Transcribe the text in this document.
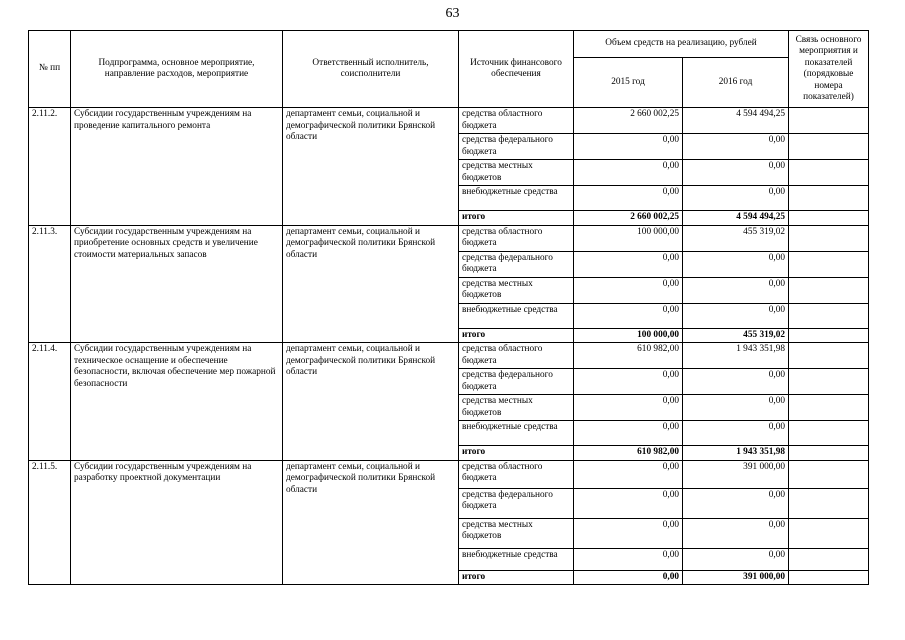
63
№ пп	Подпрограмма, основное мероприятие, направление расходов, мероприятие	Ответственный исполнитель, соисполнители	Источник финансового обеспечения	Объем средств на реализацию, рублей		Связь основного мероприятия и показателей (порядковые номера показателей)
				2015 год	2016 год	
2.11.2.	Субсидии государственным учреждениям на проведение капитального ремонта	департамент семьи, социальной и демографической политики Брянской области	средства областного бюджета	2 660 002,25	4 594 494,25	
			средства федерального бюджета	0,00	0,00	
			средства местных бюджетов	0,00	0,00	
			внебюджетные средства	0,00	0,00	
			итого	2 660 002,25	4 594 494,25	
2.11.3.	Субсидии государственным учреждениям на приобретение основных средств и увеличение стоимости материальных запасов	департамент семьи, социальной и демографической политики Брянской области	средства областного бюджета	100 000,00	455 319,02	
			средства федерального бюджета	0,00	0,00	
			средства местных бюджетов	0,00	0,00	
			внебюджетные средства	0,00	0,00	
			итого	100 000,00	455 319,02	
2.11.4.	Субсидии государственным учреждениям на техническое оснащение и обеспечение безопасности, включая обеспечение мер пожарной безопасности	департамент семьи, социальной и демографической политики Брянской области	средства областного бюджета	610 982,00	1 943 351,98	
			средства федерального бюджета	0,00	0,00	
			средства местных бюджетов	0,00	0,00	
			внебюджетные средства	0,00	0,00	
			итого	610 982,00	1 943 351,98	
2.11.5.	Субсидии государственным учреждениям на разработку проектной документации	департамент семьи, социальной и демографической политики Брянской области	средства областного бюджета	0,00	391 000,00	
			средства федерального бюджета	0,00	0,00	
			средства местных бюджетов	0,00	0,00	
			внебюджетные средства	0,00	0,00	
			итого	0,00	391 000,00	
